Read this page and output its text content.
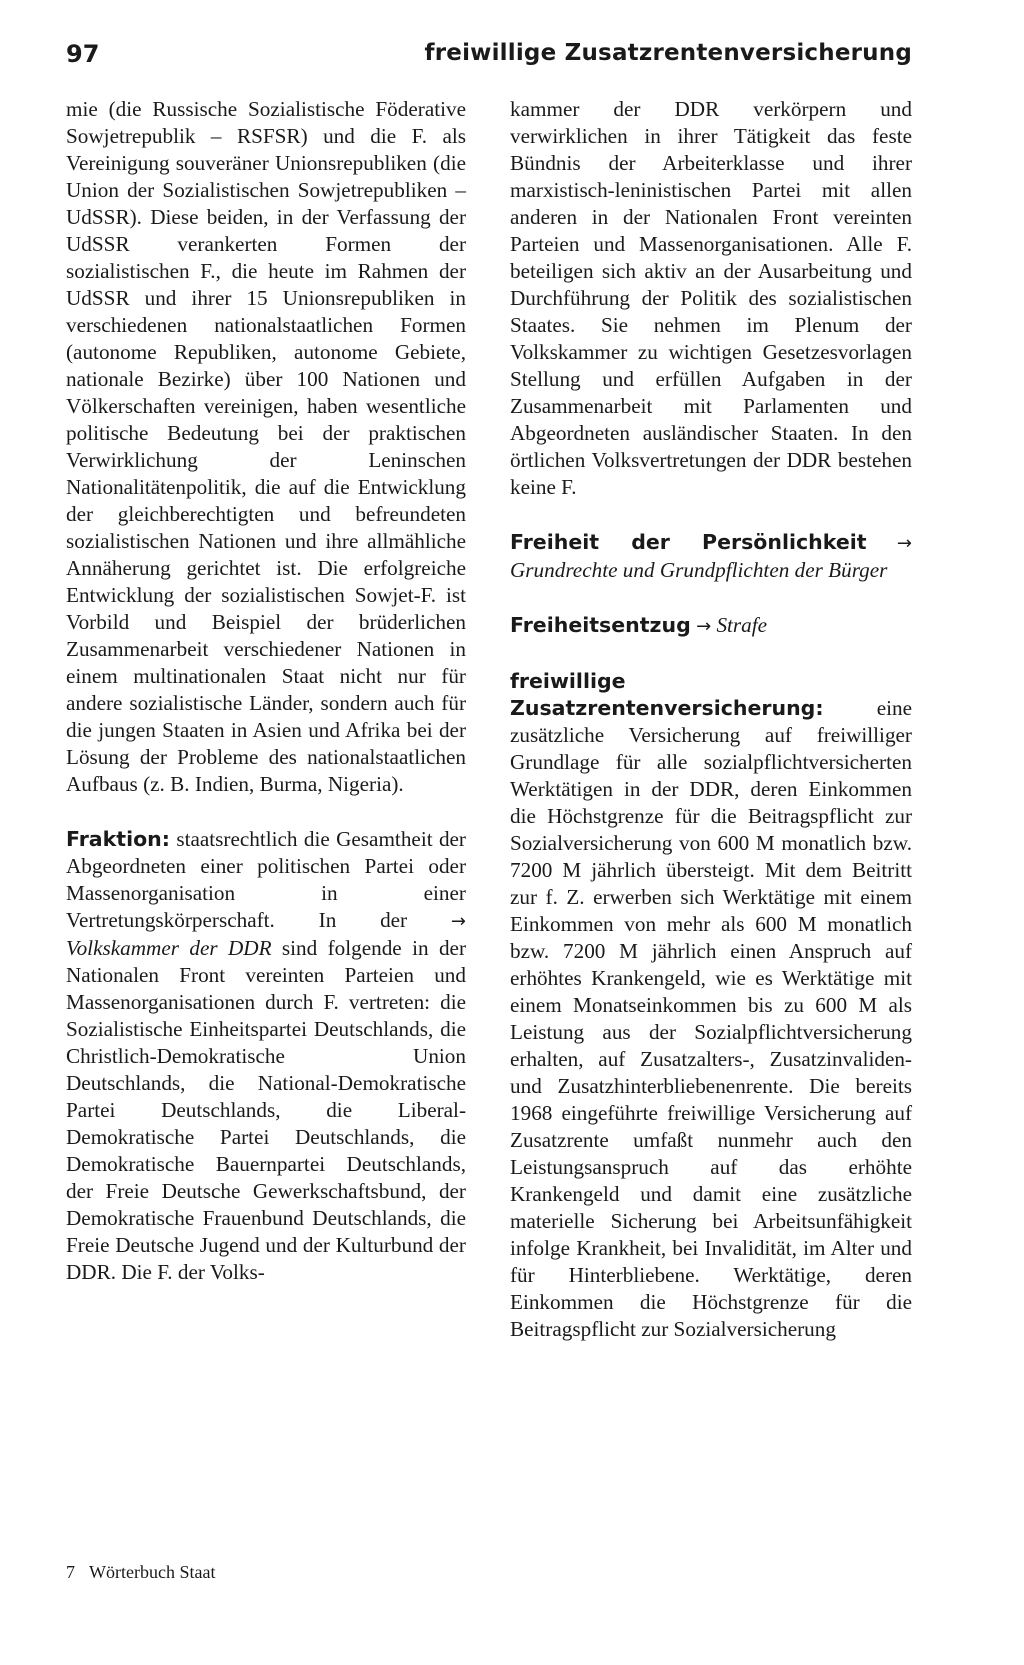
97	freiwillige Zusatzrentenversicherung

mie (die Russische Sozialistische Föderative Sowjetrepublik – RSFSR) und die F. als Vereinigung souveräner Unionsrepubliken (die Union der Sozialistischen Sowjetrepubliken – UdSSR). Diese beiden, in der Verfassung der UdSSR verankerten Formen der sozialistischen F., die heute im Rahmen der UdSSR und ihrer 15 Unionsrepubliken in verschiedenen nationalstaatlichen Formen (autonome Republiken, autonome Gebiete, nationale Bezirke) über 100 Nationen und Völkerschaften vereinigen, haben wesentliche politische Bedeutung bei der praktischen Verwirklichung der Leninschen Nationalitätenpolitik, die auf die Entwicklung der gleichberechtigten und befreundeten sozialistischen Nationen und ihre allmähliche Annäherung gerichtet ist. Die erfolgreiche Entwicklung der sozialistischen Sowjet-F. ist Vorbild und Beispiel der brüderlichen Zusammenarbeit verschiedener Nationen in einem multinationalen Staat nicht nur für andere sozialistische Länder, sondern auch für die jungen Staaten in Asien und Afrika bei der Lösung der Probleme des nationalstaatlichen Aufbaus (z. B. Indien, Burma, Nigeria).

Fraktion: staatsrechtlich die Gesamtheit der Abgeordneten einer politischen Partei oder Massenorganisation in einer Vertretungskörperschaft. In der → Volkskammer der DDR sind folgende in der Nationalen Front vereinten Parteien und Massenorganisationen durch F. vertreten: die Sozialistische Einheitspartei Deutschlands, die Christlich-Demokratische Union Deutschlands, die National-Demokratische Partei Deutschlands, die Liberal-Demokratische Partei Deutschlands, die Demokratische Bauernpartei Deutschlands, der Freie Deutsche Gewerkschaftsbund, der Demokratische Frauenbund Deutschlands, die Freie Deutsche Jugend und der Kulturbund der DDR. Die F. der Volks-

kammer der DDR verkörpern und verwirklichen in ihrer Tätigkeit das feste Bündnis der Arbeiterklasse und ihrer marxistisch-leninistischen Partei mit allen anderen in der Nationalen Front vereinten Parteien und Massenorganisationen. Alle F. beteiligen sich aktiv an der Ausarbeitung und Durchführung der Politik des sozialistischen Staates. Sie nehmen im Plenum der Volkskammer zu wichtigen Gesetzesvorlagen Stellung und erfüllen Aufgaben in der Zusammenarbeit mit Parlamenten und Abgeordneten ausländischer Staaten. In den örtlichen Volksvertretungen der DDR bestehen keine F.

Freiheit der Persönlichkeit → Grundrechte und Grundpflichten der Bürger

Freiheitsentzug → Strafe

freiwillige Zusatzrentenversicherung: eine zusätzliche Versicherung auf freiwilliger Grundlage für alle sozialpflichtversicherten Werktätigen in der DDR, deren Einkommen die Höchstgrenze für die Beitragspflicht zur Sozialversicherung von 600 M monatlich bzw. 7200 M jährlich übersteigt. Mit dem Beitritt zur f. Z. erwerben sich Werktätige mit einem Einkommen von mehr als 600 M monatlich bzw. 7200 M jährlich einen Anspruch auf erhöhtes Krankengeld, wie es Werktätige mit einem Monatseinkommen bis zu 600 M als Leistung aus der Sozialpflichtversicherung erhalten, auf Zusatzalters-, Zusatzinvaliden- und Zusatzhinterbliebenenrente. Die bereits 1968 eingeführte freiwillige Versicherung auf Zusatzrente umfaßt nunmehr auch den Leistungsanspruch auf das erhöhte Krankengeld und damit eine zusätzliche materielle Sicherung bei Arbeitsunfähigkeit infolge Krankheit, bei Invalidität, im Alter und für Hinterbliebene. Werktätige, deren Einkommen die Höchstgrenze für die Beitragspflicht zur Sozialversicherung

7 Wörterbuch Staat
